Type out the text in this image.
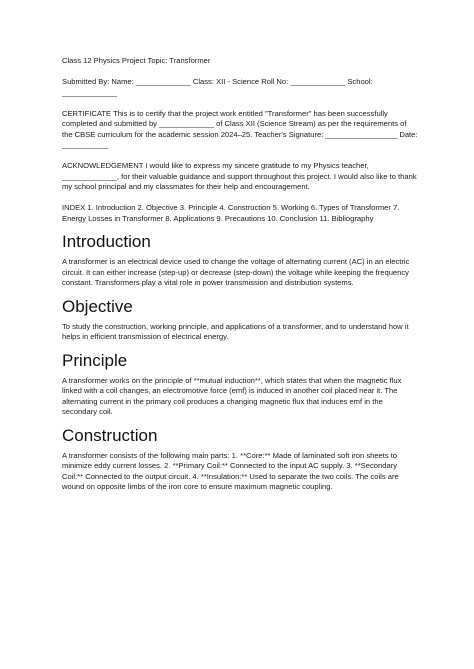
Class 12 Physics Project Topic: Transformer

Submitted By: Name: _____________ Class: XII - Science Roll No: _____________ School: _____________

CERTIFICATE This is to certify that the project work entitled "Transformer" has been successfully completed and submitted by _____________ of Class XII (Science Stream) as per the requirements of the CBSE curriculum for the academic session 2024–25. Teacher's Signature: _________________ Date: ___________

ACKNOWLEDGEMENT I would like to express my sincere gratitude to my Physics teacher, _____________, for their valuable guidance and support throughout this project. I would also like to thank my school principal and my classmates for their help and encouragement.

INDEX 1. Introduction 2. Objective 3. Principle 4. Construction 5. Working 6. Types of Transformer 7. Energy Losses in Transformer 8. Applications 9. Precautions 10. Conclusion 11. Bibliography

Introduction

A transformer is an electrical device used to change the voltage of alternating current (AC) in an electric circuit. It can either increase (step-up) or decrease (step-down) the voltage while keeping the frequency constant. Transformers play a vital role in power transmission and distribution systems.

Objective

To study the construction, working principle, and applications of a transformer, and to understand how it helps in efficient transmission of electrical energy.

Principle

A transformer works on the principle of **mutual induction**, which states that when the magnetic flux linked with a coil changes, an electromotive force (emf) is induced in another coil placed near it. The alternating current in the primary coil produces a changing magnetic flux that induces emf in the secondary coil.

Construction

A transformer consists of the following main parts: 1. **Core:** Made of laminated soft iron sheets to minimize eddy current losses. 2. **Primary Coil:** Connected to the input AC supply. 3. **Secondary Coil:** Connected to the output circuit. 4. **Insulation:** Used to separate the two coils. The coils are wound on opposite limbs of the iron core to ensure maximum magnetic coupling.
